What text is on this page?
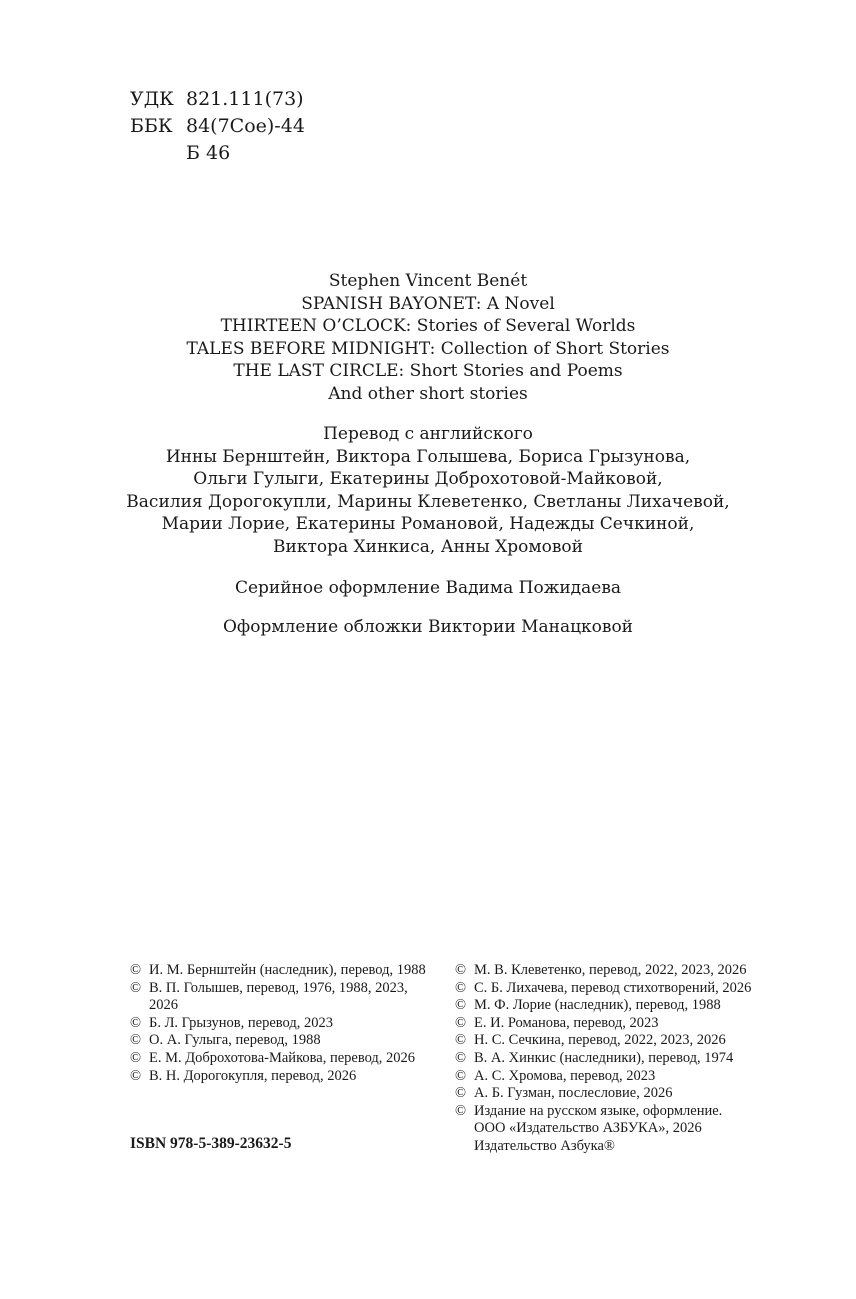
УДК 821.111(73)
ББК 84(7Сое)-44
Б 46
Stephen Vincent Benét
SPANISH BAYONET: A Novel
THIRTEEN O’CLOCK: Stories of Several Worlds
TALES BEFORE MIDNIGHT: Collection of Short Stories
THE LAST CIRCLE: Short Stories and Poems
And other short stories
Перевод с английского
Инны Бернштейн, Виктора Голышева, Бориса Грызунова,
Ольги Гулыги, Екатерины Доброхотовой-Майковой,
Василия Дорогокупли, Марины Клеветенко, Светланы Лихачевой,
Марии Лорие, Екатерины Романовой, Надежды Сечкиной,
Виктора Хинкиса, Анны Хромовой
Серийное оформление Вадима Пожидаева
Оформление обложки Виктории Манацковой
© И. М. Бернштейн (наследник), перевод, 1988
© В. П. Голышев, перевод, 1976, 1988, 2023,
2026
© Б. Л. Грызунов, перевод, 2023
© О. А. Гулыга, перевод, 1988
© Е. М. Доброхотова-Майкова, перевод, 2026
© В. Н. Дорогокупля, перевод, 2026
© М. В. Клеветенко, перевод, 2022, 2023, 2026
© С. Б. Лихачева, перевод стихотворений, 2026
© М. Ф. Лорие (наследник), перевод, 1988
© Е. И. Романова, перевод, 2023
© Н. С. Сечкина, перевод, 2022, 2023, 2026
© В. А. Хинкис (наследники), перевод, 1974
© А. С. Хромова, перевод, 2023
© А. Б. Гузман, послесловие, 2026
© Издание на русском языке, оформление.
ООО «Издательство АЗБУКА», 2026
Издательство Азбука®
ISBN 978-5-389-23632-5
